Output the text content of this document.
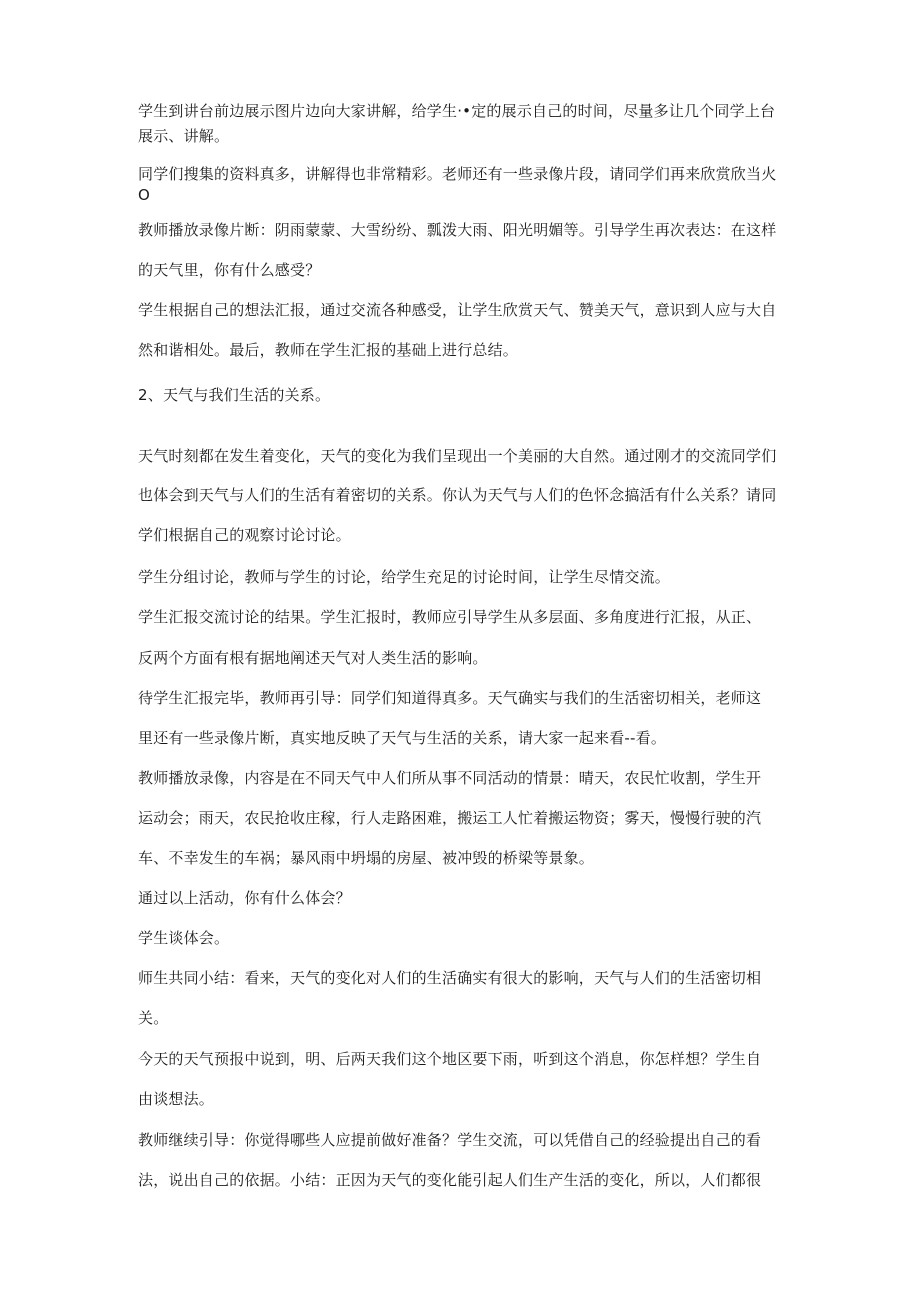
学生到讲台前边展示图片边向大家讲解，给学生·•定的展示自己的时间，尽量多让几个同学上台
展示、讲解。
同学们搜集的资料真多，讲解得也非常精彩。老师还有一些录像片段，请同学们再来欣赏欣当火
O
教师播放录像片断：阴雨蒙蒙、大雪纷纷、瓢泼大雨、阳光明媚等。引导学生再次表达：在这样
的天气里，你有什么感受？
学生根据自己的想法汇报，通过交流各种感受，让学生欣赏天气、赞美天气，意识到人应与大自
然和谐相处。最后，教师在学生汇报的基础上进行总结。
2、天气与我们生活的关系。
天气时刻都在发生着变化，天气的变化为我们呈现出一个美丽的大自然。通过刚才的交流同学们
也体会到天气与人们的生活有着密切的关系。你认为天气与人们的色怀念搞活有什么关系？请同
学们根据自己的观察讨论讨论。
学生分组讨论，教师与学生的讨论，给学生充足的讨论时间，让学生尽情交流。
学生汇报交流讨论的结果。学生汇报时，教师应引导学生从多层面、多角度进行汇报，从正、
反两个方面有根有据地阐述天气对人类生活的影响。
待学生汇报完毕，教师再引导：同学们知道得真多。天气确实与我们的生活密切相关，老师这
里还有一些录像片断，真实地反映了天气与生活的关系，请大家一起来看--看。
教师播放录像，内容是在不同天气中人们所从事不同活动的情景：晴天，农民忙收割，学生开
运动会；雨天，农民抢收庄稼，行人走路困难，搬运工人忙着搬运物资；雾天，慢慢行驶的汽
车、不幸发生的车祸；暴风雨中坍塌的房屋、被冲毁的桥梁等景象。
通过以上活动，你有什么体会？
学生谈体会。
师生共同小结：看来，天气的变化对人们的生活确实有很大的影响，天气与人们的生活密切相
关。
今天的天气预报中说到，明、后两天我们这个地区要下雨，听到这个消息，你怎样想？学生自
由谈想法。
教师继续引导：你觉得哪些人应提前做好准备？学生交流，可以凭借自己的经验提出自己的看
法，说出自己的依据。小结：正因为天气的变化能引起人们生产生活的变化，所以，人们都很
